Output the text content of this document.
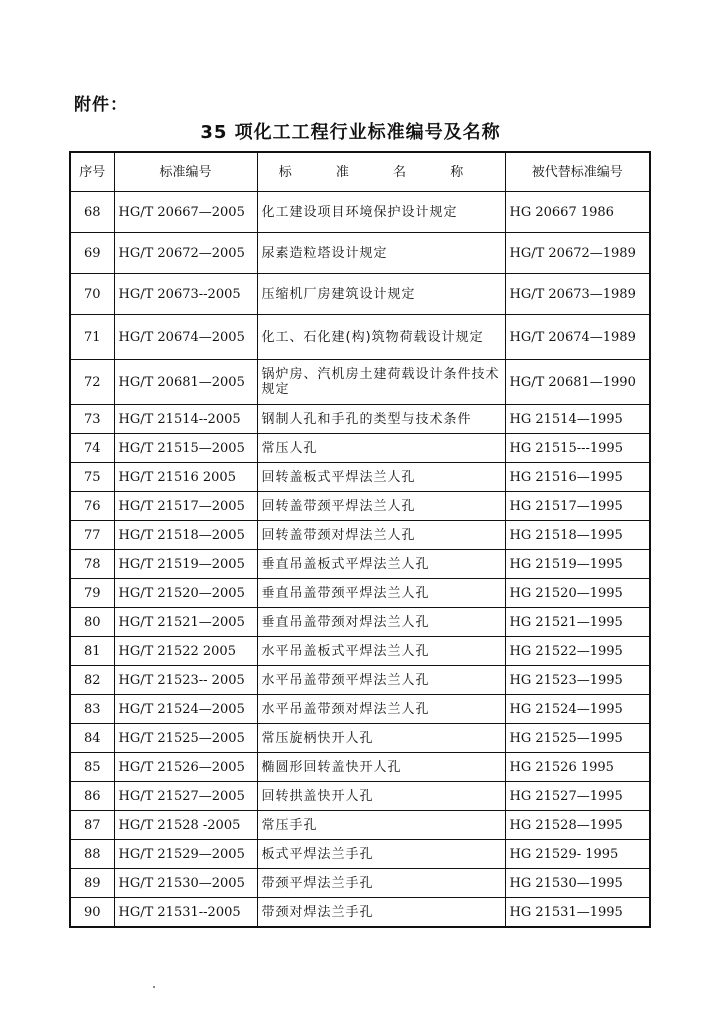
附件：
35 项化工工程行业标准编号及名称
序号	标准编号	标 准 名 称	被代替标准编号
68	HG/T 20667—2005	化工建设项目环境保护设计规定	HG 20667 1986
69	HG/T 20672—2005	尿素造粒塔设计规定	HG/T 20672—1989
70	HG/T 20673--2005	压缩机厂房建筑设计规定	HG/T 20673—1989
71	HG/T 20674—2005	化工、石化建(构)筑物荷载设计规定	HG/T 20674—1989
72	HG/T 20681—2005	锅炉房、汽机房土建荷载设计条件技术规定	HG/T 20681—1990
73	HG/T 21514--2005	钢制人孔和手孔的类型与技术条件	HG 21514—1995
74	HG/T 21515—2005	常压人孔	HG 21515---1995
75	HG/T 21516 2005	回转盖板式平焊法兰人孔	HG 21516—1995
76	HG/T 21517—2005	回转盖带颈平焊法兰人孔	HG 21517—1995
77	HG/T 21518—2005	回转盖带颈对焊法兰人孔	HG 21518—1995
78	HG/T 21519—2005	垂直吊盖板式平焊法兰人孔	HG 21519—1995
79	HG/T 21520—2005	垂直吊盖带颈平焊法兰人孔	HG 21520—1995
80	HG/T 21521—2005	垂直吊盖带颈对焊法兰人孔	HG 21521—1995
81	HG/T 21522 2005	水平吊盖板式平焊法兰人孔	HG 21522—1995
82	HG/T 21523-- 2005	水平吊盖带颈平焊法兰人孔	HG 21523—1995
83	HG/T 21524—2005	水平吊盖带颈对焊法兰人孔	HG 21524—1995
84	HG/T 21525—2005	常压旋柄快开人孔	HG 21525—1995
85	HG/T 21526—2005	椭圆形回转盖快开人孔	HG 21526 1995
86	HG/T 21527—2005	回转拱盖快开人孔	HG 21527—1995
87	HG/T 21528 -2005	常压手孔	HG 21528—1995
88	HG/T 21529—2005	板式平焊法兰手孔	HG 21529- 1995
89	HG/T 21530—2005	带颈平焊法兰手孔	HG 21530—1995
90	HG/T 21531--2005	带颈对焊法兰手孔	HG 21531—1995
